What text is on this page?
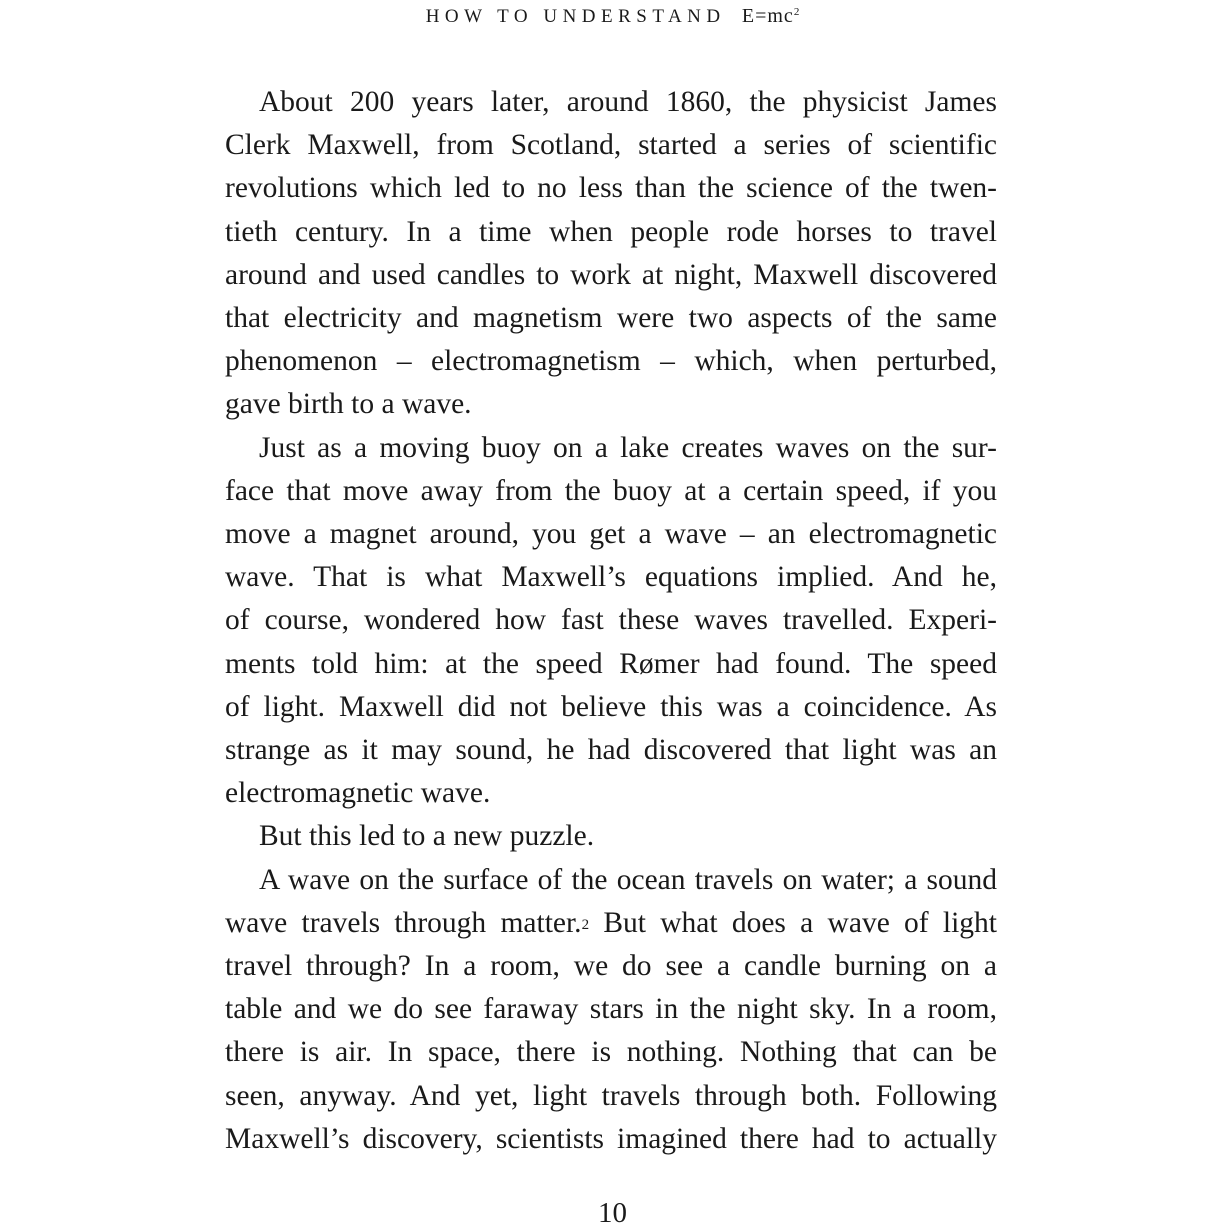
HOW TO UNDERSTAND $E=mc^2$
About 200 years later, around 1860, the physicist James
Clerk Maxwell, from Scotland, started a series of scientific
revolutions which led to no less than the science of the twen-
tieth century. In a time when people rode horses to travel
around and used candles to work at night, Maxwell discovered
that electricity and magnetism were two aspects of the same
phenomenon – electromagnetism – which, when perturbed,
gave birth to a wave.
Just as a moving buoy on a lake creates waves on the sur-
face that move away from the buoy at a certain speed, if you
move a magnet around, you get a wave – an electromagnetic
wave. That is what Maxwell’s equations implied. And he,
of course, wondered how fast these waves travelled. Experi-
ments told him: at the speed Rømer had found. The speed
of light. Maxwell did not believe this was a coincidence. As
strange as it may sound, he had discovered that light was an
electromagnetic wave.
But this led to a new puzzle.
A wave on the surface of the ocean travels on water; a sound
wave travels through matter.$^2$ But what does a wave of light
travel through? In a room, we do see a candle burning on a
table and we do see faraway stars in the night sky. In a room,
there is air. In space, there is nothing. Nothing that can be
seen, anyway. And yet, light travels through both. Following
Maxwell’s discovery, scientists imagined there had to actually
10
